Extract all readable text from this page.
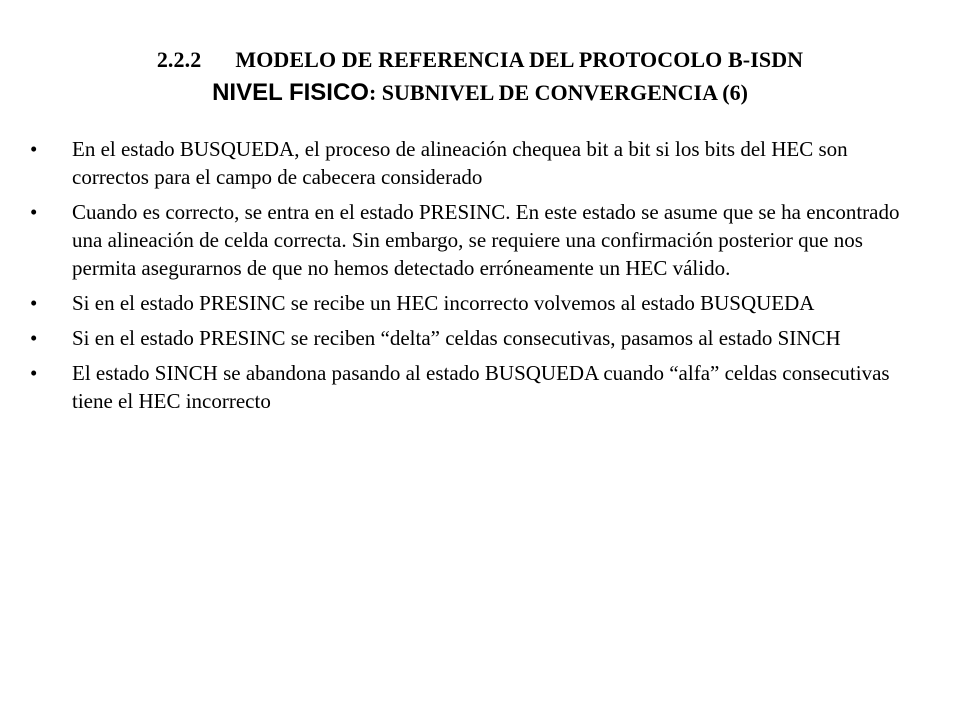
2.2.2 MODELO DE REFERENCIA DEL PROTOCOLO B-ISDN
NIVEL FISICO: SUBNIVEL DE CONVERGENCIA (6)
•	En el estado BUSQUEDA, el proceso de alineación chequea bit a bit si los bits del HEC son correctos para el campo de cabecera considerado
•	Cuando es correcto, se entra en el estado PRESINC. En este estado se asume que se ha encontrado una alineación de celda correcta. Sin embargo, se requiere una confirmación posterior que nos permita asegurarnos de que no hemos detectado erróneamente un HEC válido.
•	Si en el estado PRESINC se recibe un HEC incorrecto volvemos al estado BUSQUEDA
•	Si en el estado PRESINC se reciben “delta” celdas consecutivas, pasamos al estado SINCH
•	El estado SINCH se abandona pasando al estado BUSQUEDA cuando “alfa” celdas consecutivas tiene el HEC incorrecto
